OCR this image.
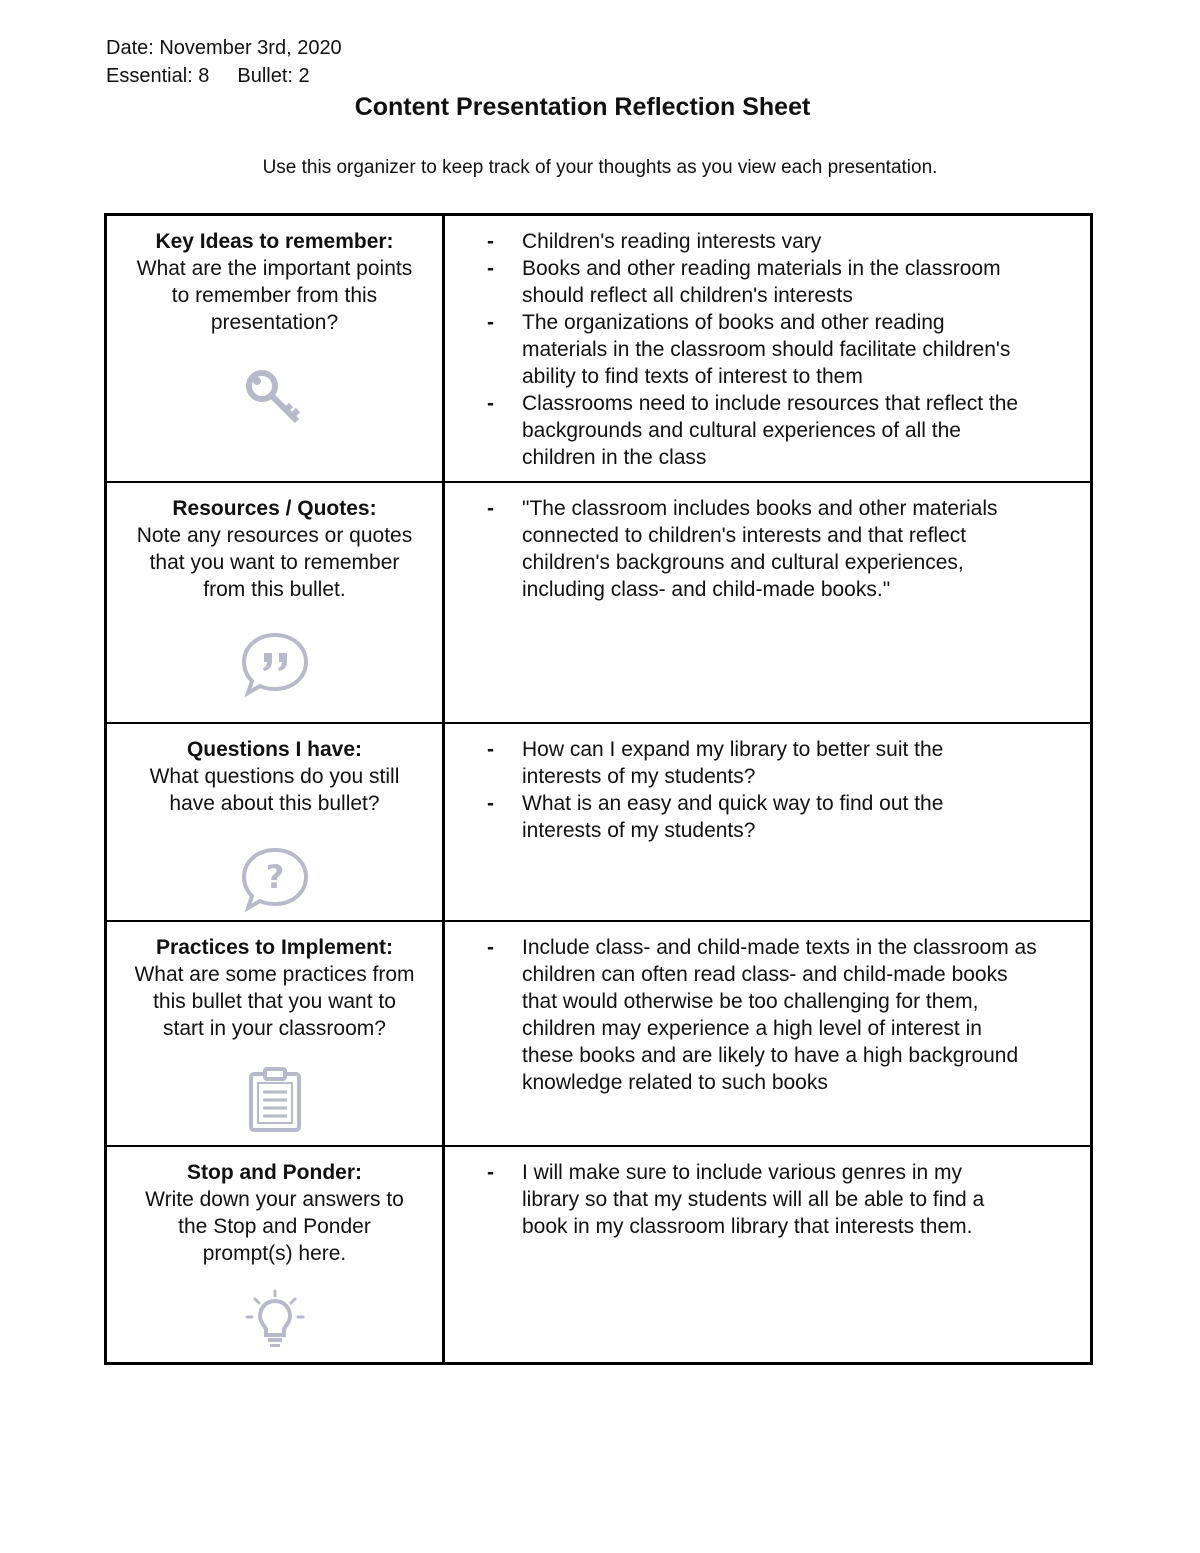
Date: November 3rd, 2020
Essential: 8 Bullet: 2
Content Presentation Reflection Sheet
Use this organizer to keep track of your thoughts as you view each presentation.
Key Ideas to remember:
What are the important points
to remember from this
presentation?
- Children's reading interests vary
- Books and other reading materials in the classroom
should reflect all children's interests
- The organizations of books and other reading
materials in the classroom should facilitate children's
ability to find texts of interest to them
- Classrooms need to include resources that reflect the
backgrounds and cultural experiences of all the
children in the class
Resources / Quotes:
Note any resources or quotes
that you want to remember
from this bullet.
- "The classroom includes books and other materials
connected to children's interests and that reflect
children's backgrouns and cultural experiences,
including class- and child-made books."
Questions I have:
What questions do you still
have about this bullet?
?
- How can I expand my library to better suit the
interests of my students?
- What is an easy and quick way to find out the
interests of my students?
Practices to Implement:
What are some practices from
this bullet that you want to
start in your classroom?
- Include class- and child-made texts in the classroom as
children can often read class- and child-made books
that would otherwise be too challenging for them,
children may experience a high level of interest in
these books and are likely to have a high background
knowledge related to such books
Stop and Ponder:
Write down your answers to
the Stop and Ponder
prompt(s) here.
- I will make sure to include various genres in my
library so that my students will all be able to find a
book in my classroom library that interests them.
